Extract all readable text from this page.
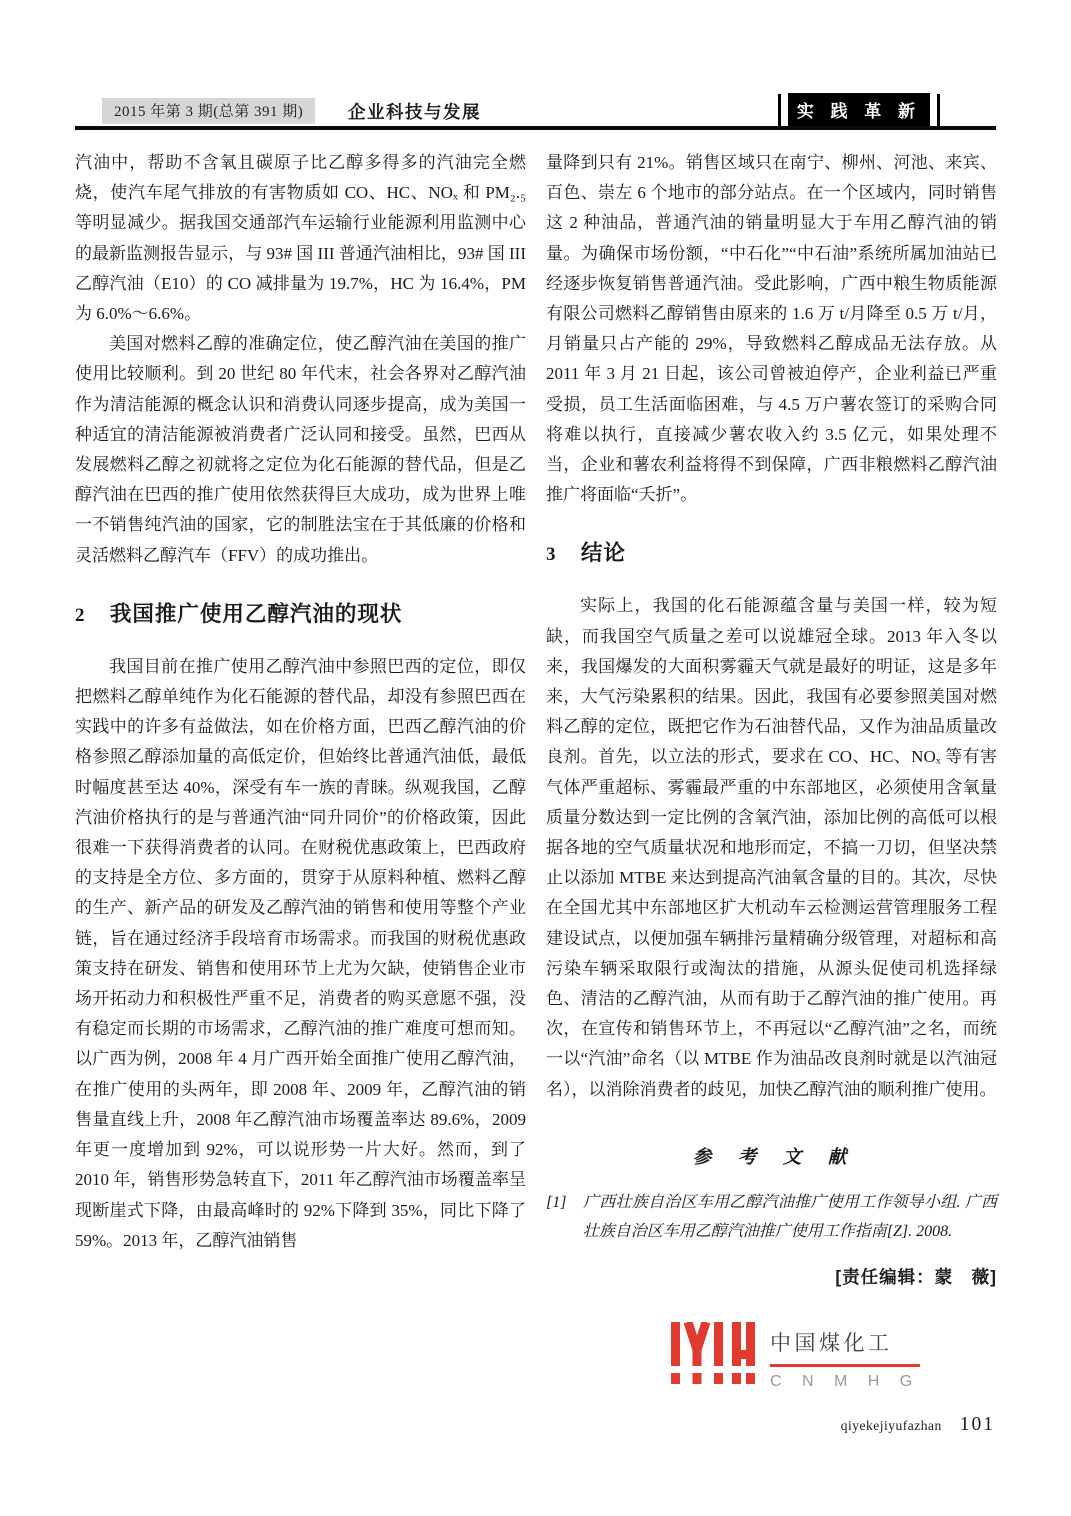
2015 年第 3 期(总第 391 期)	企业科技与发展	实 践 革 新

汽油中，帮助不含氧且碳原子比乙醇多得多的汽油完全燃烧，使汽车尾气排放的有害物质如 CO、HC、NOₓ 和 PM₂.₅ 等明显减少。据我国交通部汽车运输行业能源利用监测中心的最新监测报告显示，与 93# 国 III 普通汽油相比，93# 国 III 乙醇汽油（E10）的 CO 减排量为 19.7%，HC 为 16.4%，PM 为 6.0%～6.6%。

美国对燃料乙醇的准确定位，使乙醇汽油在美国的推广使用比较顺利。到 20 世纪 80 年代末，社会各界对乙醇汽油作为清洁能源的概念认识和消费认同逐步提高，成为美国一种适宜的清洁能源被消费者广泛认同和接受。虽然，巴西从发展燃料乙醇之初就将之定位为化石能源的替代品，但是乙醇汽油在巴西的推广使用依然获得巨大成功，成为世界上唯一不销售纯汽油的国家，它的制胜法宝在于其低廉的价格和灵活燃料乙醇汽车（FFV）的成功推出。

2 我国推广使用乙醇汽油的现状

我国目前在推广使用乙醇汽油中参照巴西的定位，即仅把燃料乙醇单纯作为化石能源的替代品，却没有参照巴西在实践中的许多有益做法，如在价格方面，巴西乙醇汽油的价格参照乙醇添加量的高低定价，但始终比普通汽油低，最低时幅度甚至达 40%，深受有车一族的青睐。纵观我国，乙醇汽油价格执行的是与普通汽油“同升同价”的价格政策，因此很难一下获得消费者的认同。在财税优惠政策上，巴西政府的支持是全方位、多方面的，贯穿于从原料种植、燃料乙醇的生产、新产品的研发及乙醇汽油的销售和使用等整个产业链，旨在通过经济手段培育市场需求。而我国的财税优惠政策支持在研发、销售和使用环节上尤为欠缺，使销售企业市场开拓动力和积极性严重不足，消费者的购买意愿不强，没有稳定而长期的市场需求，乙醇汽油的推广难度可想而知。以广西为例，2008 年 4 月广西开始全面推广使用乙醇汽油，在推广使用的头两年，即 2008 年、2009 年，乙醇汽油的销售量直线上升，2008 年乙醇汽油市场覆盖率达 89.6%，2009 年更一度增加到 92%，可以说形势一片大好。然而，到了 2010 年，销售形势急转直下，2011 年乙醇汽油市场覆盖率呈现断崖式下降，由最高峰时的 92%下降到 35%，同比下降了 59%。2013 年，乙醇汽油销售

量降到只有 21%。销售区域只在南宁、柳州、河池、来宾、百色、崇左 6 个地市的部分站点。在一个区域内，同时销售这 2 种油品，普通汽油的销量明显大于车用乙醇汽油的销量。为确保市场份额，“中石化”“中石油”系统所属加油站已经逐步恢复销售普通汽油。受此影响，广西中粮生物质能源有限公司燃料乙醇销售由原来的 1.6 万 t/月降至 0.5 万 t/月，月销量只占产能的 29%，导致燃料乙醇成品无法存放。从 2011 年 3 月 21 日起，该公司曾被迫停产，企业利益已严重受损，员工生活面临困难，与 4.5 万户薯农签订的采购合同将难以执行，直接减少薯农收入约 3.5 亿元，如果处理不当，企业和薯农利益将得不到保障，广西非粮燃料乙醇汽油推广将面临“夭折”。

3 结论

实际上，我国的化石能源蕴含量与美国一样，较为短缺，而我国空气质量之差可以说雄冠全球。2013 年入冬以来，我国爆发的大面积雾霾天气就是最好的明证，这是多年来，大气污染累积的结果。因此，我国有必要参照美国对燃料乙醇的定位，既把它作为石油替代品，又作为油品质量改良剂。首先，以立法的形式，要求在 CO、HC、NOₓ 等有害气体严重超标、雾霾最严重的中东部地区，必须使用含氧量质量分数达到一定比例的含氧汽油，添加比例的高低可以根据各地的空气质量状况和地形而定，不搞一刀切，但坚决禁止以添加 MTBE 来达到提高汽油氧含量的目的。其次，尽快在全国尤其中东部地区扩大机动车云检测运营管理服务工程建设试点，以便加强车辆排污量精确分级管理，对超标和高污染车辆采取限行或淘汰的措施，从源头促使司机选择绿色、清洁的乙醇汽油，从而有助于乙醇汽油的推广使用。再次，在宣传和销售环节上，不再冠以“乙醇汽油”之名，而统一以“汽油”命名（以 MTBE 作为油品改良剂时就是以汽油冠名），以消除消费者的歧见，加快乙醇汽油的顺利推广使用。

参　考　文　献

[1] 广西壮族自治区车用乙醇汽油推广使用工作领导小组. 广西壮族自治区车用乙醇汽油推广使用工作指南[Z]. 2008.

[责任编辑：蒙　薇]

中国煤化工
C N M H G
qiyekejiyufazhan 101
